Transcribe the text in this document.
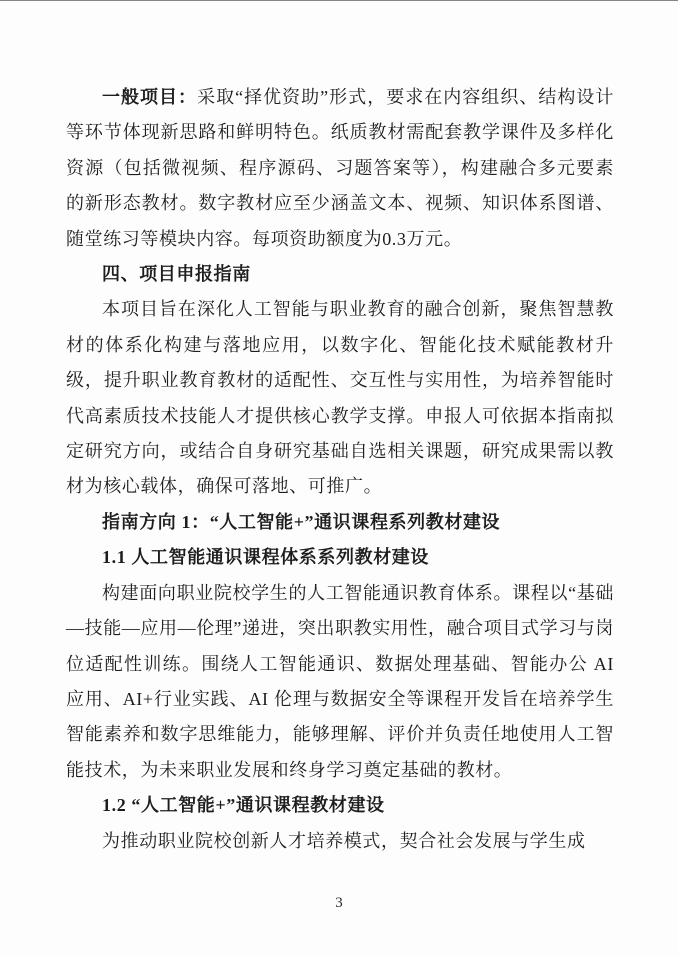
一般项目：采取“择优资助”形式，要求在内容组织、结构设计等环节体现新思路和鲜明特色。纸质教材需配套教学课件及多样化资源（包括微视频、程序源码、习题答案等），构建融合多元要素的新形态教材。数字教材应至少涵盖文本、视频、知识体系图谱、随堂练习等模块内容。每项资助额度为0.3万元。

四、项目申报指南

本项目旨在深化人工智能与职业教育的融合创新，聚焦智慧教材的体系化构建与落地应用，以数字化、智能化技术赋能教材升级，提升职业教育教材的适配性、交互性与实用性，为培养智能时代高素质技术技能人才提供核心教学支撑。申报人可依据本指南拟定研究方向，或结合自身研究基础自选相关课题，研究成果需以教材为核心载体，确保可落地、可推广。

指南方向 1：“人工智能+”通识课程系列教材建设

1.1 人工智能通识课程体系系列教材建设

构建面向职业院校学生的人工智能通识教育体系。课程以“基础—技能—应用—伦理”递进，突出职教实用性，融合项目式学习与岗位适配性训练。围绕人工智能通识、数据处理基础、智能办公 AI 应用、AI+行业实践、AI 伦理与数据安全等课程开发旨在培养学生智能素养和数字思维能力，能够理解、评价并负责任地使用人工智能技术，为未来职业发展和终身学习奠定基础的教材。

1.2 “人工智能+”通识课程教材建设

为推动职业院校创新人才培养模式，契合社会发展与学生成

3
